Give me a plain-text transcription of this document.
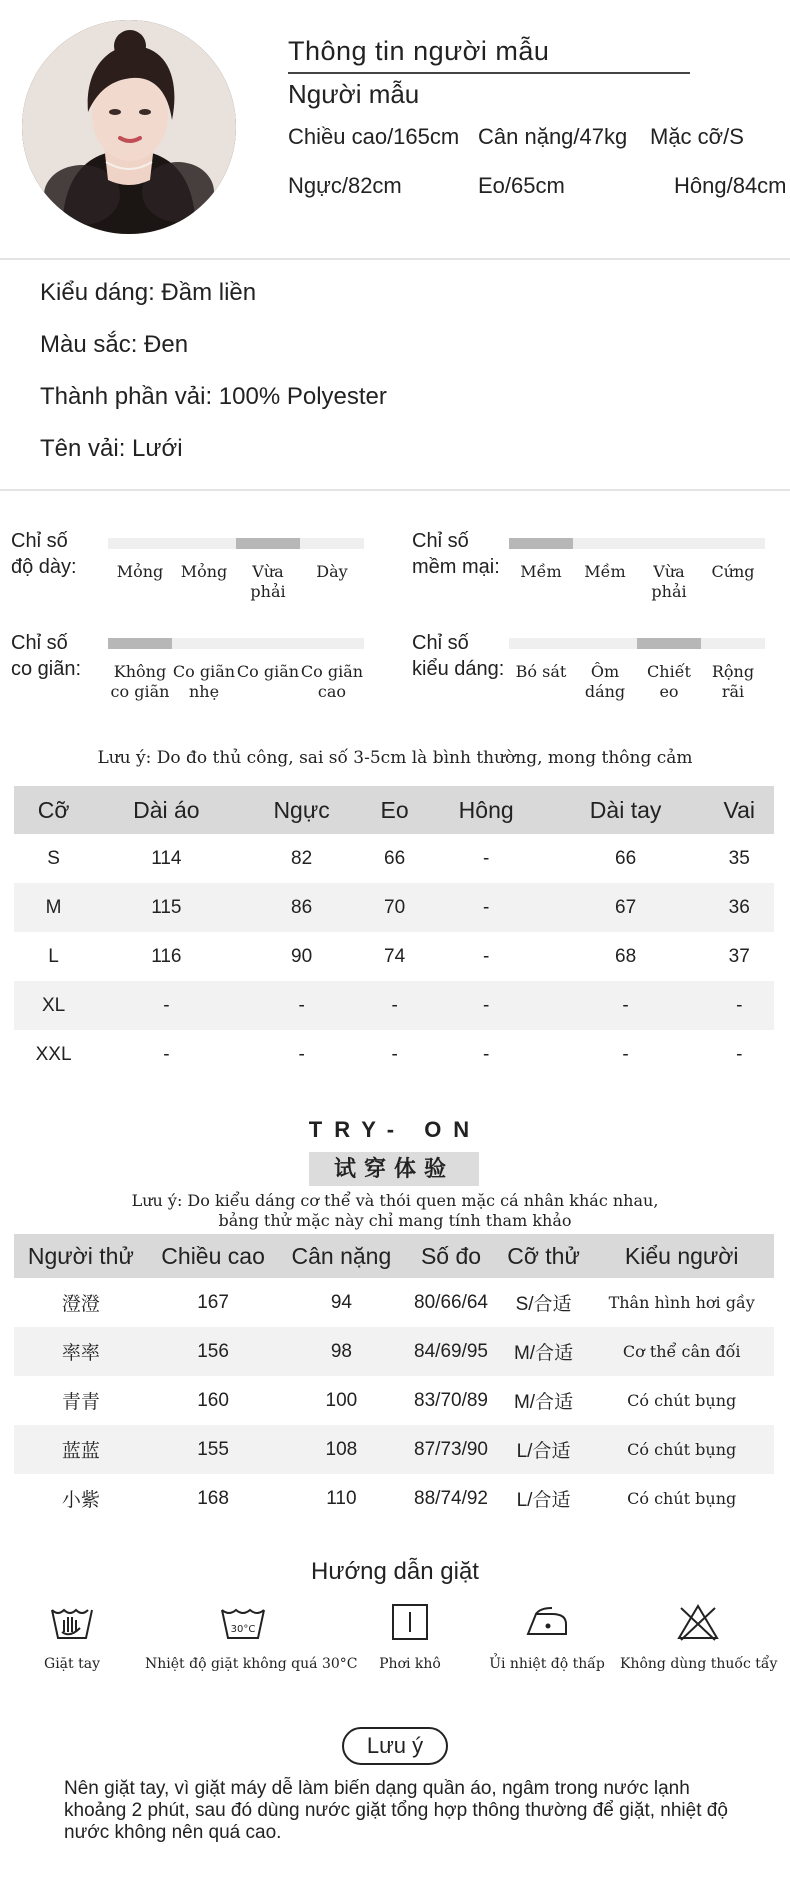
Thông tin người mẫu
Người mẫu
Chiều cao/165cm Cân nặng/47kg Mặc cỡ/S
Ngực/82cm	Eo/65cm	Hông/84cm
Kiểu dáng: Đầm liền
Màu sắc: Đen
Thành phần vải: 100% Polyester
Tên vải: Lưới
Chỉ số
độ dày:	Mỏng	Mỏng	Vừa phải
Dày
Chỉ số
mềm mại:	Mềm	Mềm	Vừa phải
Cứng
Chỉ số
co giãn:	Không
co giãn
Co giãn
nhẹ
Co giãn Co giãn
cao
Chỉ số
kiểu dáng: Bó sát	Ôm dáng
Chiết eo
Rộng rãi
Lưu ý: Do đo thủ công, sai số 3-5cm là bình thường, mong thông cảm
Cỡ	Dài áo	Ngực	Eo	Hông	Dài tay	Vai
S	114	82	66	-	66	35
M	115	86	70	-	67	36
L	116	90	74	-	68	37
XL	-	-	-	-	-	-
XXL	-	-	-	-	-	-
TRY- ON
试穿体验
Lưu ý: Do kiểu dáng cơ thể và thói quen mặc cá nhân khác nhau,
bảng thử mặc này chỉ mang tính tham khảo
Người thử	Chiều cao	Cân nặng	Số đo	Cỡ thử	Kiểu người
澄澄	167	94	80/66/64	S/合适	Thân hình hơi gầy
率率	156	98	84/69/95	M/合适	Cơ thể cân đối
青青	160	100	83/70/89	M/合适	Có chút bụng
蓝蓝	155	108	87/73/90	L/合适	Có chút bụng
小紫	168	110	88/74/92	L/合适	Có chút bụng
Hướng dẫn giặt
Giặt tay
30°C
Nhiệt độ giặt không quá 30°C	Phơi khô	Ủi nhiệt độ thấp	Không dùng thuốc tẩy
Lưu ý
Nên giặt tay, vì giặt máy dễ làm biến dạng quần áo, ngâm trong nước lạnh khoảng 2 phút, sau đó dùng nước giặt tổng hợp thông thường để giặt, nhiệt độ nước không nên quá cao.
